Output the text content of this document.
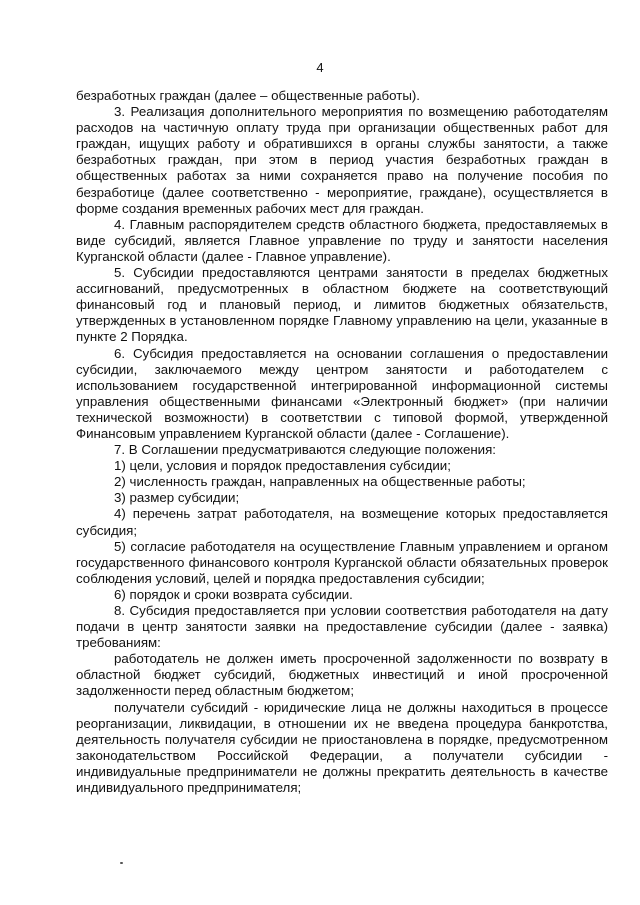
4

безработных граждан (далее – общественные работы).

3. Реализация дополнительного мероприятия по возмещению работодателям расходов на частичную оплату труда при организации общественных работ для граждан, ищущих работу и обратившихся в органы службы занятости, а также безработных граждан, при этом в период участия безработных граждан в общественных работах за ними сохраняется право на получение пособия по безработице (далее соответственно - мероприятие, граждане), осуществляется в форме создания временных рабочих мест для граждан.

4. Главным распорядителем средств областного бюджета, предоставляемых в виде субсидий, является Главное управление по труду и занятости населения Курганской области (далее - Главное управление).

5. Субсидии предоставляются центрами занятости в пределах бюджетных ассигнований, предусмотренных в областном бюджете на соответствующий финансовый год и плановый период, и лимитов бюджетных обязательств, утвержденных в установленном порядке Главному управлению на цели, указанные в пункте 2 Порядка.

6. Субсидия предоставляется на основании соглашения о предоставлении субсидии, заключаемого между центром занятости и работодателем с использованием государственной интегрированной информационной системы управления общественными финансами «Электронный бюджет» (при наличии технической возможности) в соответствии с типовой формой, утвержденной Финансовым управлением Курганской области (далее - Соглашение).

7. В Соглашении предусматриваются следующие положения:

1) цели, условия и порядок предоставления субсидии;

2) численность граждан, направленных на общественные работы;

3) размер субсидии;

4) перечень затрат работодателя, на возмещение которых предоставляется субсидия;

5) согласие работодателя на осуществление Главным управлением и органом государственного финансового контроля Курганской области обязательных проверок соблюдения условий, целей и порядка предоставления субсидии;

6) порядок и сроки возврата субсидии.

8. Субсидия предоставляется при условии соответствия работодателя на дату подачи в центр занятости заявки на предоставление субсидии (далее - заявка) требованиям:

работодатель не должен иметь просроченной задолженности по возврату в областной бюджет субсидий, бюджетных инвестиций и иной просроченной задолженности перед областным бюджетом;

получатели субсидий - юридические лица не должны находиться в процессе реорганизации, ликвидации, в отношении их не введена процедура банкротства, деятельность получателя субсидии не приостановлена в порядке, предусмотренном законодательством Российской Федерации, а получатели субсидии - индивидуальные предприниматели не должны прекратить деятельность в качестве индивидуального предпринимателя;
